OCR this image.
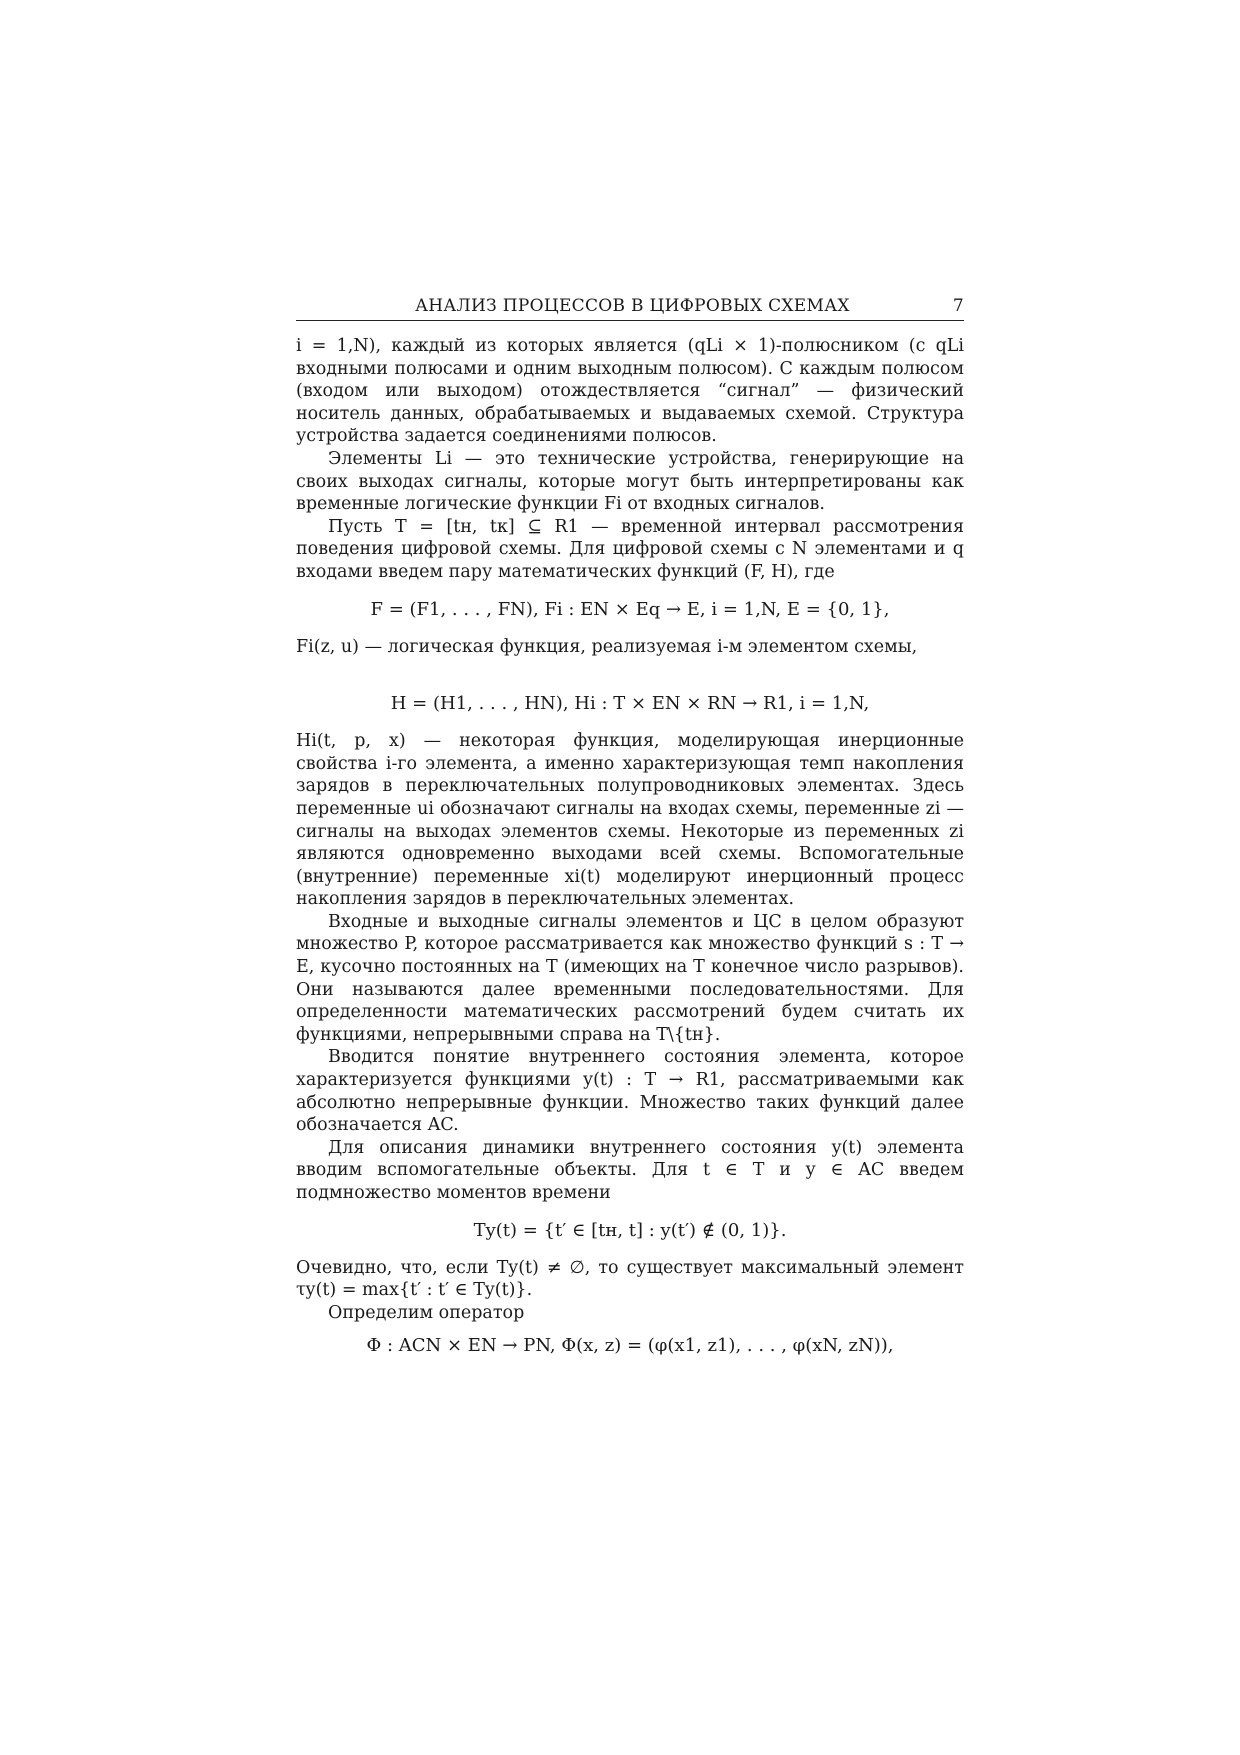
АНАЛИЗ ПРОЦЕССОВ В ЦИФРОВЫХ СХЕМАХ	7

i = 1,N), каждый из которых является (qLi × 1)-полюсником (с qLi входными полюсами и одним выходным полюсом). С каждым полюсом (входом или выходом) отождествляется “сигнал” — физический носитель данных, обрабатываемых и выдаваемых схемой. Структура устройства задается соединениями полюсов.

Элементы Li — это технические устройства, генерирующие на своих выходах сигналы, которые могут быть интерпретированы как временные логические функции Fi от входных сигналов.

Пусть T = [tн, tк] ⊆ R1 — временной интервал рассмотрения поведения цифровой схемы. Для цифровой схемы с N элементами и q входами введем пару математических функций (F, H), где

F = (F1, . . . , FN), Fi : EN × Eq → E, i = 1,N, E = {0, 1},

Fi(z, u) — логическая функция, реализуемая i-м элементом схемы,

H = (H1, . . . , HN), Hi : T × EN × RN → R1, i = 1,N,

Hi(t, p, x) — некоторая функция, моделирующая инерционные свойства i-го элемента, а именно характеризующая темп накопления зарядов в переключательных полупроводниковых элементах. Здесь переменные ui обозначают сигналы на входах схемы, переменные zi — сигналы на выходах элементов схемы. Некоторые из переменных zi являются одновременно выходами всей схемы. Вспомогательные (внутренние) переменные xi(t) моделируют инерционный процесс накопления зарядов в переключательных элементах.

Входные и выходные сигналы элементов и ЦС в целом образуют множество P, которое рассматривается как множество функций s : T → E, кусочно постоянных на T (имеющих на T конечное число разрывов). Они называются далее временными последовательностями. Для определенности математических рассмотрений будем считать их функциями, непрерывными справа на T\{tн}.

Вводится понятие внутреннего состояния элемента, которое характеризуется функциями y(t) : T → R1, рассматриваемыми как абсолютно непрерывные функции. Множество таких функций далее обозначается AC.

Для описания динамики внутреннего состояния y(t) элемента вводим вспомогательные объекты. Для t ∈ T и y ∈ AC введем подмножество моментов времени

Ty(t) = {t′ ∈ [tн, t] : y(t′) ∉ (0, 1)}.

Очевидно, что, если Ty(t) ≠ ∅, то существует максимальный элемент τy(t) = max{t′ : t′ ∈ Ty(t)}.

Определим оператор

Φ : ACN × EN → PN, Φ(x, z) = (φ(x1, z1), . . . , φ(xN, zN)),
